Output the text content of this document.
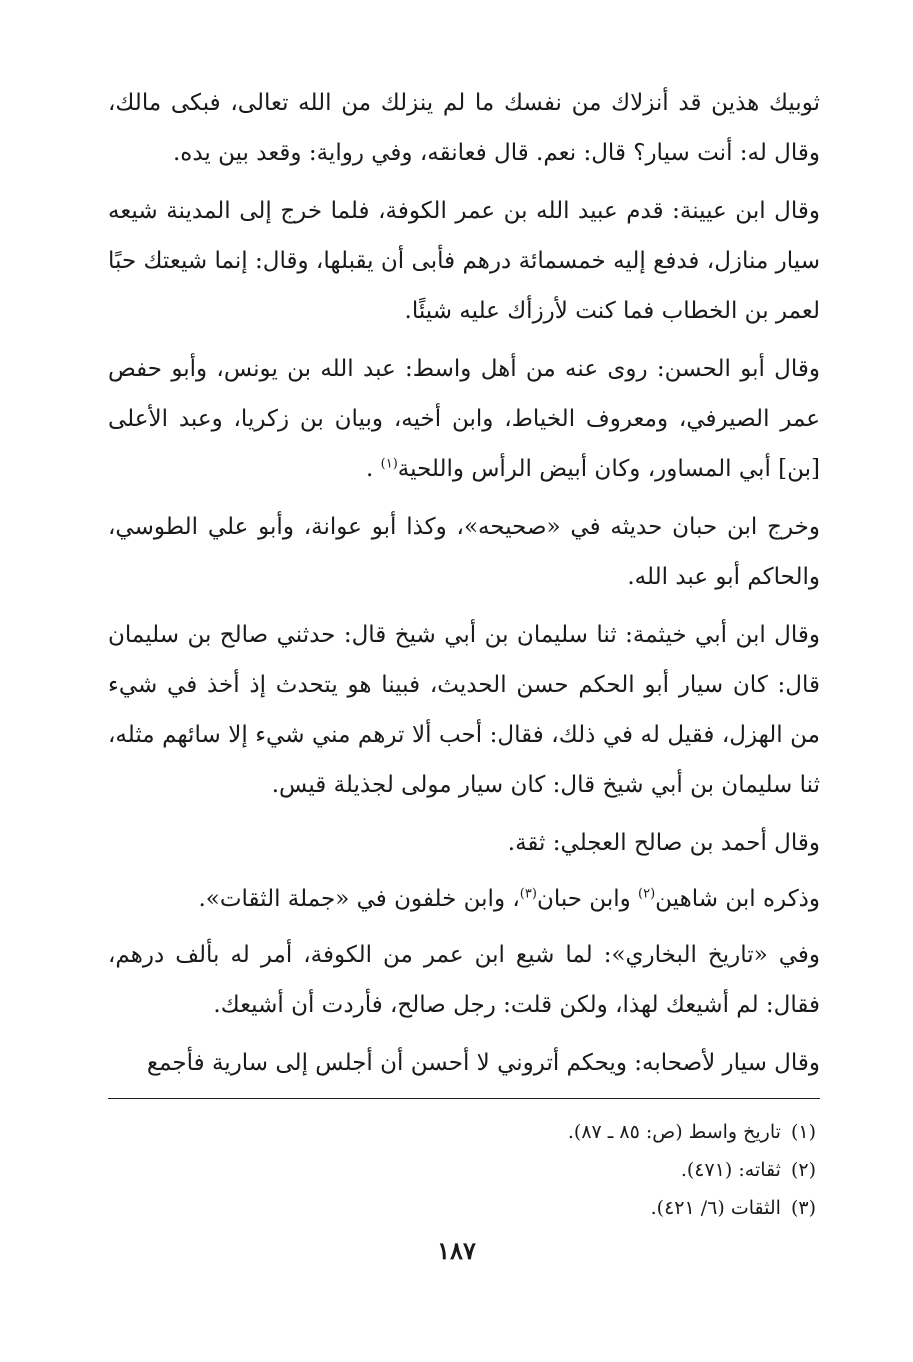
ثوبيك هذين قد أنزلاك من نفسك ما لم ينزلك من الله تعالى، فبكى مالك، وقال له: أنت سيار؟ قال: نعم. قال فعانقه، وفي رواية: وقعد بين يده.

وقال ابن عيينة: قدم عبيد الله بن عمر الكوفة، فلما خرج إلى المدينة شيعه سيار منازل، فدفع إليه خمسمائة درهم فأبى أن يقبلها، وقال: إنما شيعتك حبًا لعمر بن الخطاب فما كنت لأرزأك عليه شيئًا.

وقال أبو الحسن: روى عنه من أهل واسط: عبد الله بن يونس، وأبو حفص عمر الصيرفي، ومعروف الخياط، وابن أخيه، وبيان بن زكريا، وعبد الأعلى [بن] أبي المساور، وكان أبيض الرأس واللحية$^{(١)}$ .

وخرج ابن حبان حديثه في «صحيحه»، وكذا أبو عوانة، وأبو علي الطوسي، والحاكم أبو عبد الله.

وقال ابن أبي خيثمة: ثنا سليمان بن أبي شيخ قال: حدثني صالح بن سليمان قال: كان سيار أبو الحكم حسن الحديث، فبينا هو يتحدث إذ أخذ في شيء من الهزل، فقيل له في ذلك، فقال: أحب ألا ترهم مني شيء إلا سائهم مثله، ثنا سليمان بن أبي شيخ قال: كان سيار مولى لجذيلة قيس.

وقال أحمد بن صالح العجلي: ثقة.

وذكره ابن شاهين$^{(٢)}$ وابن حبان$^{(٣)}$، وابن خلفون في «جملة الثقات».

وفي «تاريخ البخاري»: لما شيع ابن عمر من الكوفة، أمر له بألف درهم، فقال: لم أشيعك لهذا، ولكن قلت: رجل صالح، فأردت أن أشيعك.

وقال سيار لأصحابه: ويحكم أتروني لا أحسن أن أجلس إلى سارية فأجمع

(١)تاريخ واسط (ص: ٨٥ ـ ٨٧).

(٢)ثقاته: (٤٧١).

(٣)الثقات (٦/ ٤٢١).

١٨٧
